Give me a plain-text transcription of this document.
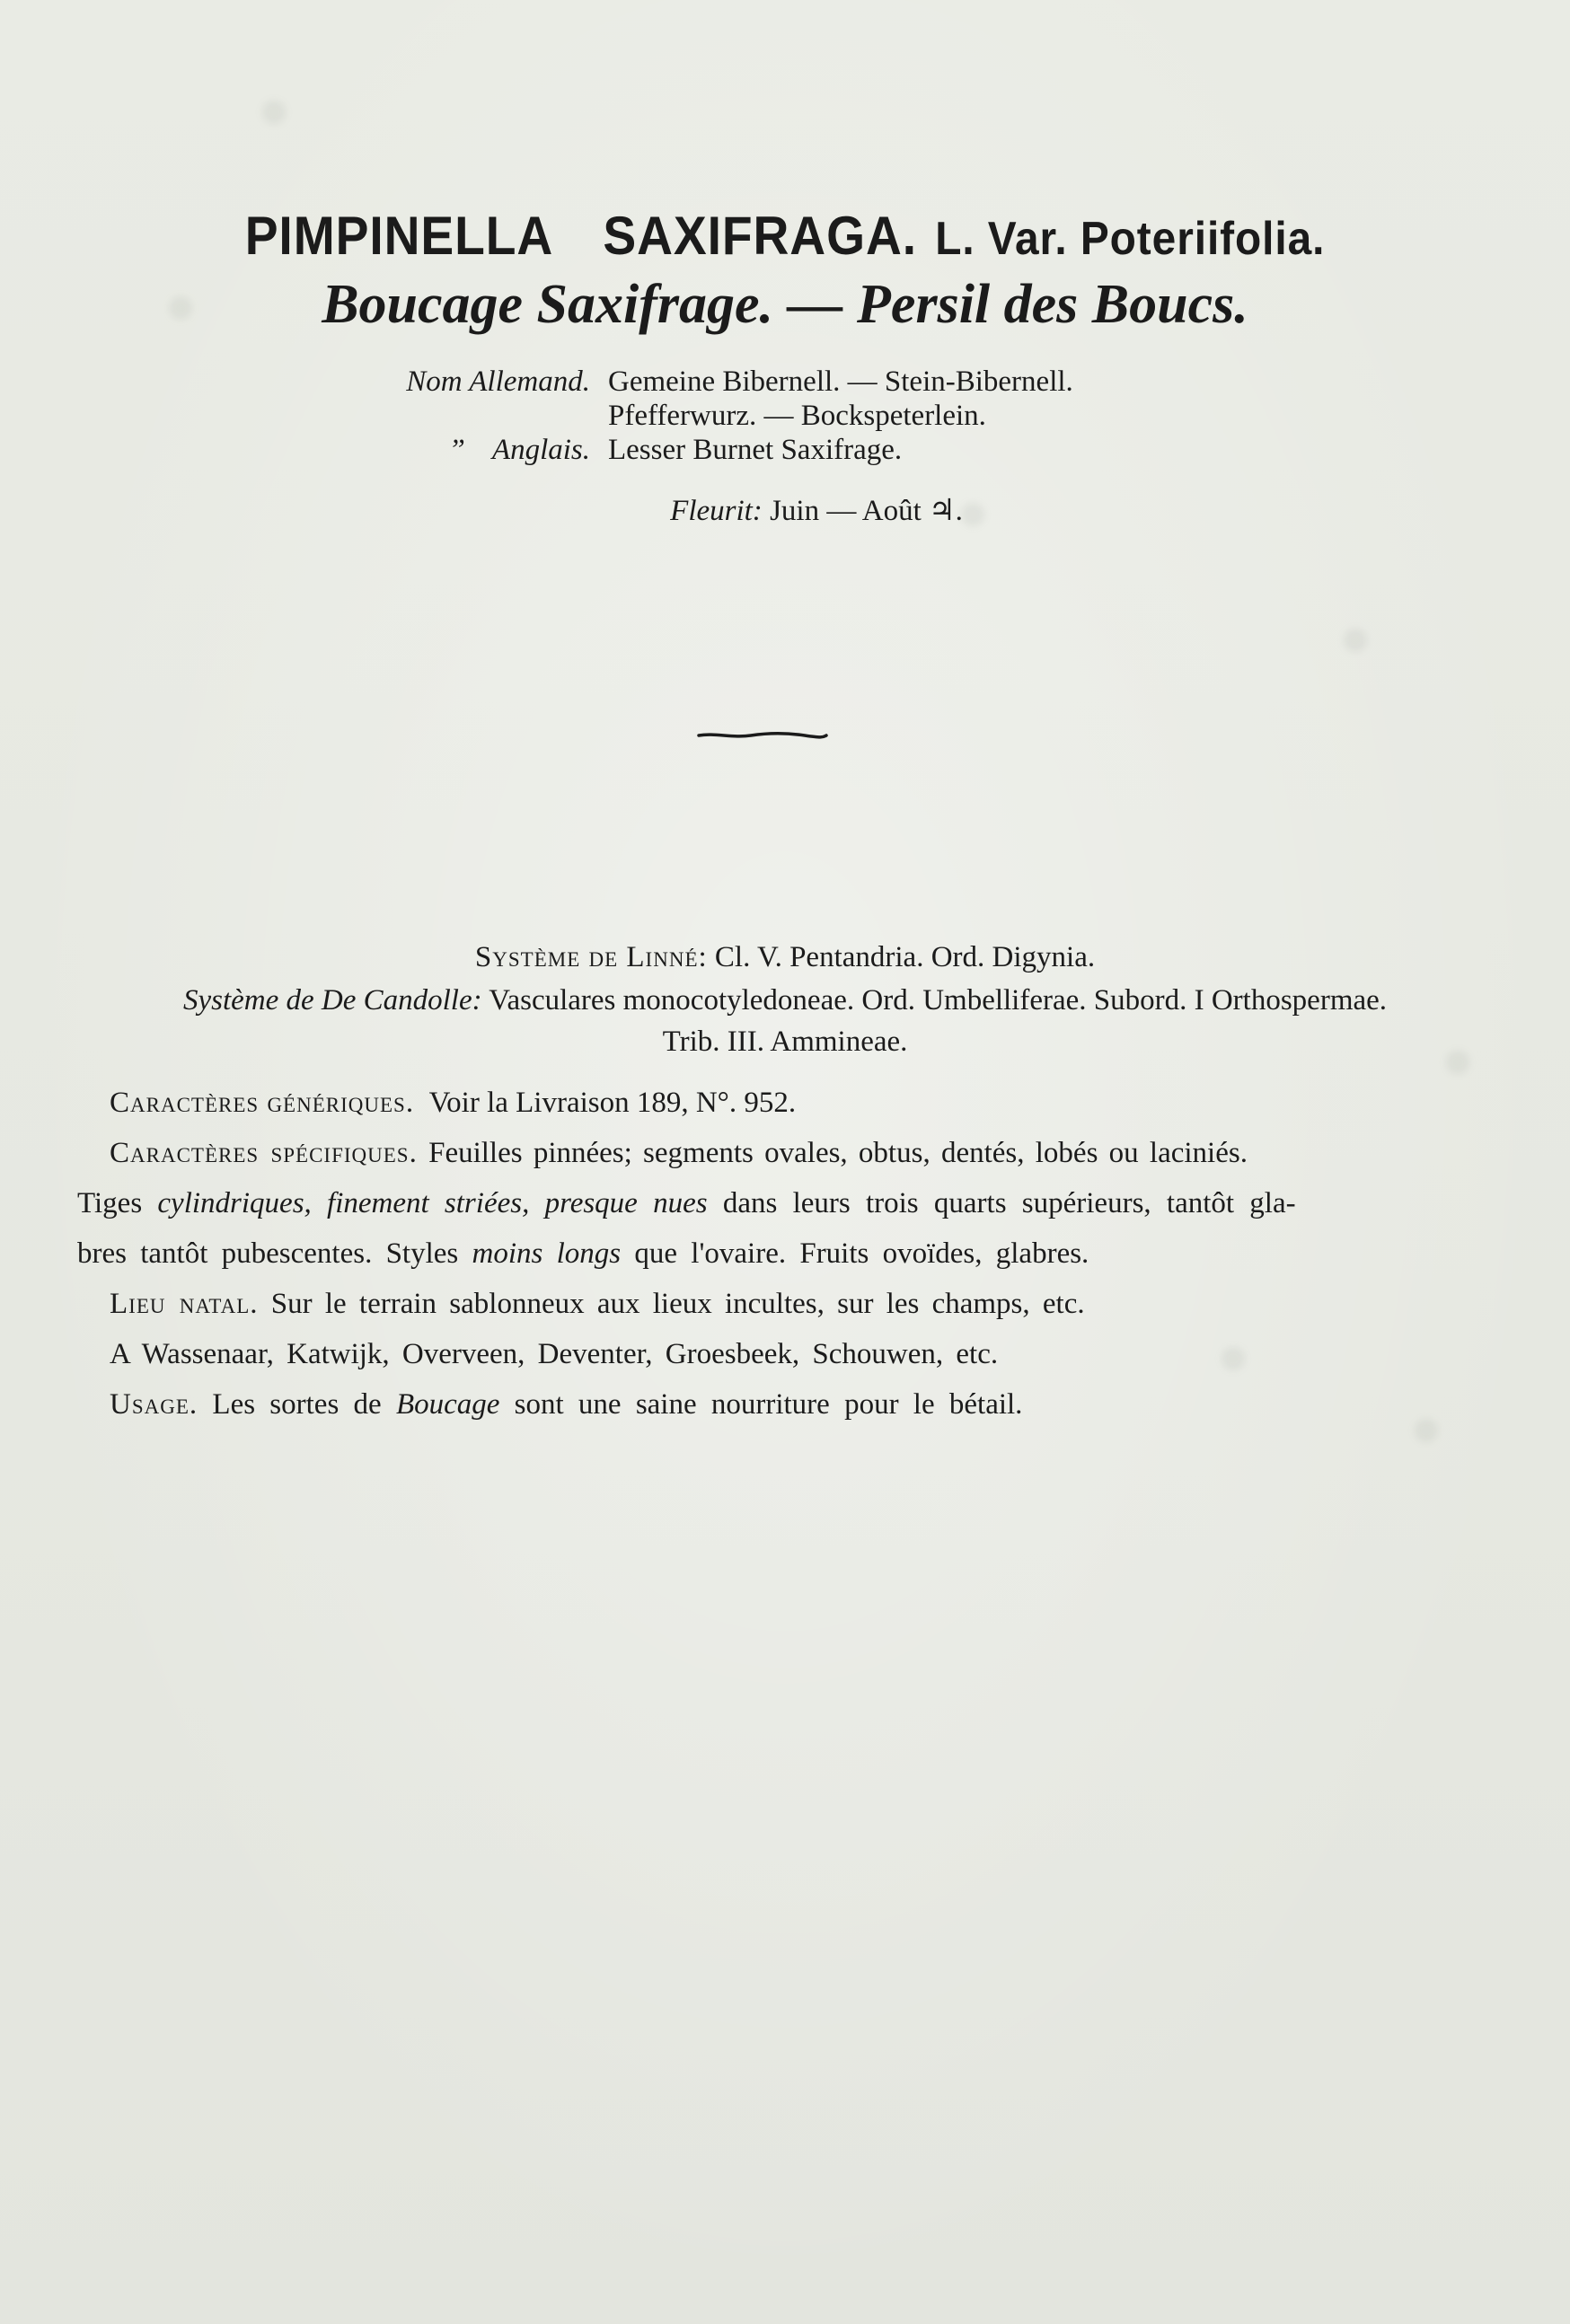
PIMPINELLA SAXIFRAGA. L. Var. Poteriifolia.
Boucage Saxifrage. — Persil des Boucs.
Nom Allemand. Gemeine Bibernell. — Stein-Bibernell.
Pfefferwurz. — Bockspeterlein.
” Anglais. Lesser Burnet Saxifrage.
Fleurit: Juin — Août ♃.
Système de Linné: Cl. V. Pentandria. Ord. Digynia.
Système de De Candolle: Vasculares monocotyledoneae. Ord. Umbelliferae. Subord. I Orthospermae.
Trib. III. Ammineae.
Caractères génériques. Voir la Livraison 189, N°. 952.
Caractères spécifiques. Feuilles pinnées; segments ovales, obtus, dentés, lobés ou laciniés.
Tiges cylindriques, finement striées, presque nues dans leurs trois quarts supérieurs, tantôt gla-
bres tantôt pubescentes. Styles moins longs que l'ovaire. Fruits ovoïdes, glabres.
Lieu natal. Sur le terrain sablonneux aux lieux incultes, sur les champs, etc.
A Wassenaar, Katwijk, Overveen, Deventer, Groesbeek, Schouwen, etc.
Usage. Les sortes de Boucage sont une saine nourriture pour le bétail.
